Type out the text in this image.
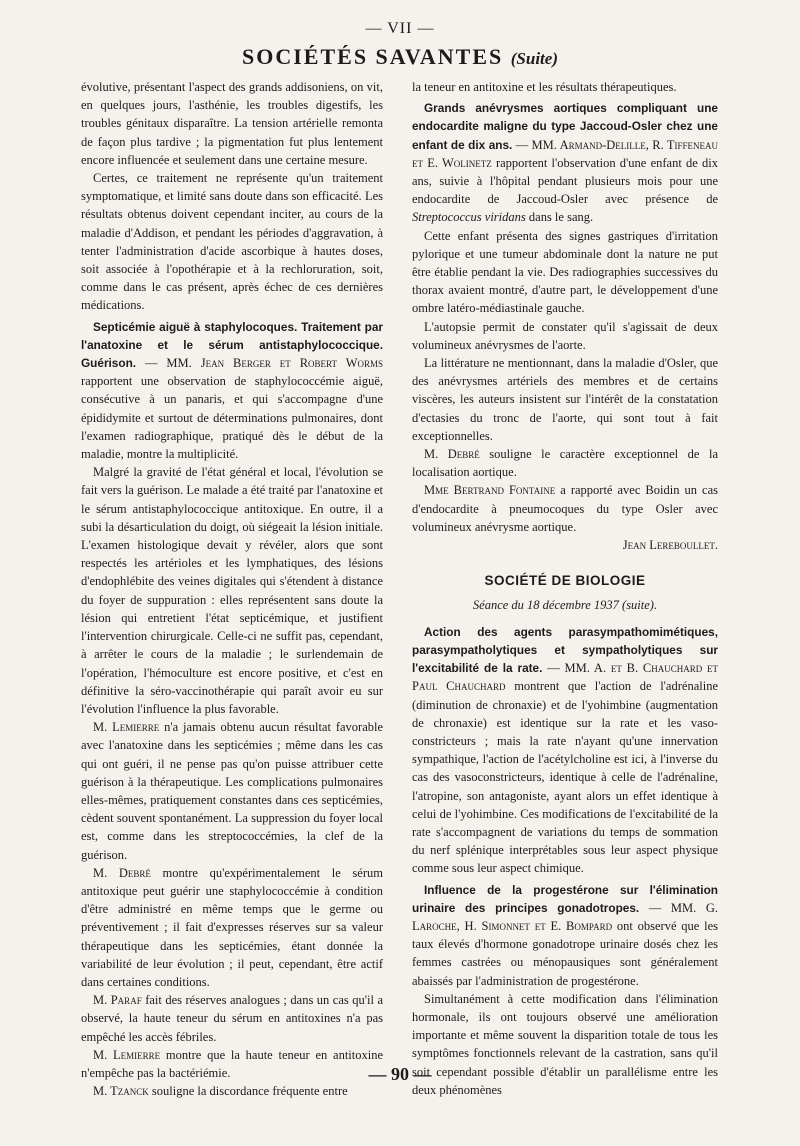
— VII —
SOCIÉTÉS SAVANTES (Suite)

évolutive, présentant l'aspect des grands addisoniens, on vit, en quelques jours, l'asthénie, les troubles digestifs, les troubles génitaux disparaître. La tension artérielle remonta de façon plus tardive ; la pigmentation fut plus lentement encore influencée et seulement dans une certaine mesure.

Certes, ce traitement ne représente qu'un traitement symptomatique, et limité sans doute dans son efficacité. Les résultats obtenus doivent cependant inciter, au cours de la maladie d'Addison, et pendant les périodes d'aggravation, à tenter l'administration d'acide ascorbique à hautes doses, soit associée à l'opothérapie et à la rechloruration, soit, comme dans le cas présent, après échec de ces dernières médications.

Septicémie aiguë à staphylocoques. Traitement par l'anatoxine et le sérum antistaphylococcique. Guérison. — MM. Jean Berger et Robert Worms rapportent une observation de staphylococcémie aiguë, consécutive à un panaris, et qui s'accompagne d'une épididymite et surtout de déterminations pulmonaires, dont l'examen radiographique, pratiqué dès le début de la maladie, montre la multiplicité.

Malgré la gravité de l'état général et local, l'évolution se fait vers la guérison. Le malade a été traité par l'anatoxine et le sérum antistaphylococcique antitoxique. En outre, il a subi la désarticulation du doigt, où siégeait la lésion initiale. L'examen histologique devait y révéler, alors que sont respectés les artérioles et les lymphatiques, des lésions d'endophlébite des veines digitales qui s'étendent à distance du foyer de suppuration : elles représentent sans doute la lésion qui entretient l'état septicémique, et justifient l'intervention chirurgicale. Celle-ci ne suffit pas, cependant, à arrêter le cours de la maladie ; le surlendemain de l'opération, l'hémoculture est encore positive, et c'est en définitive la séro-vaccinothérapie qui paraît avoir eu sur l'évolution l'influence la plus favorable.

M. Lemierre n'a jamais obtenu aucun résultat favorable avec l'anatoxine dans les septicémies ; même dans les cas qui ont guéri, il ne pense pas qu'on puisse attribuer cette guérison à la thérapeutique. Les complications pulmonaires elles-mêmes, pratiquement constantes dans ces septicémies, cèdent souvent spontanément. La suppression du foyer local est, comme dans les streptococcémies, la clef de la guérison.

M. Debré montre qu'expérimentalement le sérum antitoxique peut guérir une staphylococcémie à condition d'être administré en même temps que le germe ou préventivement ; il fait d'expresses réserves sur sa valeur thérapeutique dans les septicémies, étant donnée la variabilité de leur évolution ; il peut, cependant, être actif dans certaines conditions.

M. Paraf fait des réserves analogues ; dans un cas qu'il a observé, la haute teneur du sérum en antitoxines n'a pas empêché les accès fébriles.

M. Lemierre montre que la haute teneur en antitoxine n'empêche pas la bactériémie.

M. Tzanck souligne la discordance fréquente entre

la teneur en antitoxine et les résultats thérapeutiques.

Grands anévrysmes aortiques compliquant une endocardite maligne du type Jaccoud-Osler chez une enfant de dix ans. — MM. Armand-Delille, R. Tiffeneau et E. Wolinetz rapportent l'observation d'une enfant de dix ans, suivie à l'hôpital pendant plusieurs mois pour une endocardite de Jaccoud-Osler avec présence de Streptococcus viridans dans le sang.

Cette enfant présenta des signes gastriques d'irritation pylorique et une tumeur abdominale dont la nature ne put être établie pendant la vie. Des radiographies successives du thorax avaient montré, d'autre part, le développement d'une ombre latéro-médiastinale gauche.

L'autopsie permit de constater qu'il s'agissait de deux volumineux anévrysmes de l'aorte.

La littérature ne mentionnant, dans la maladie d'Osler, que des anévrysmes artériels des membres et de certains viscères, les auteurs insistent sur l'intérêt de la constatation d'ectasies du tronc de l'aorte, qui sont tout à fait exceptionnelles.

M. Debré souligne le caractère exceptionnel de la localisation aortique.

Mme Bertrand Fontaine a rapporté avec Boidin un cas d'endocardite à pneumocoques du type Osler avec volumineux anévrysme aortique.

Jean Lereboullet.

SOCIÉTÉ DE BIOLOGIE
Séance du 18 décembre 1937 (suite).

Action des agents parasympathomimétiques, parasympatholytiques et sympatholytiques sur l'excitabilité de la rate. — MM. A. et B. Chauchard et Paul Chauchard montrent que l'action de l'adrénaline (diminution de chronaxie) et de l'yohimbine (augmentation de chronaxie) est identique sur la rate et les vaso-constricteurs ; mais la rate n'ayant qu'une innervation sympathique, l'action de l'acétylcholine est ici, à l'inverse du cas des vasoconstricteurs, identique à celle de l'adrénaline, l'atropine, son antagoniste, ayant alors un effet identique à celui de l'yohimbine. Ces modifications de l'excitabilité de la rate s'accompagnent de variations du temps de sommation du nerf splénique interprétables sous leur aspect physique comme sous leur aspect chimique.

Influence de la progestérone sur l'élimination urinaire des principes gonadotropes. — MM. G. Laroche, H. Simonnet et E. Bompard ont observé que les taux élevés d'hormone gonadotrope urinaire dosés chez les femmes castrées ou ménopausiques sont généralement abaissés par l'administration de progestérone.

Simultanément à cette modification dans l'élimination hormonale, ils ont toujours observé une amélioration importante et même souvent la disparition totale de tous les symptômes fonctionnels relevant de la castration, sans qu'il soit cependant possible d'établir un parallélisme entre les deux phénomènes

— 90 —
